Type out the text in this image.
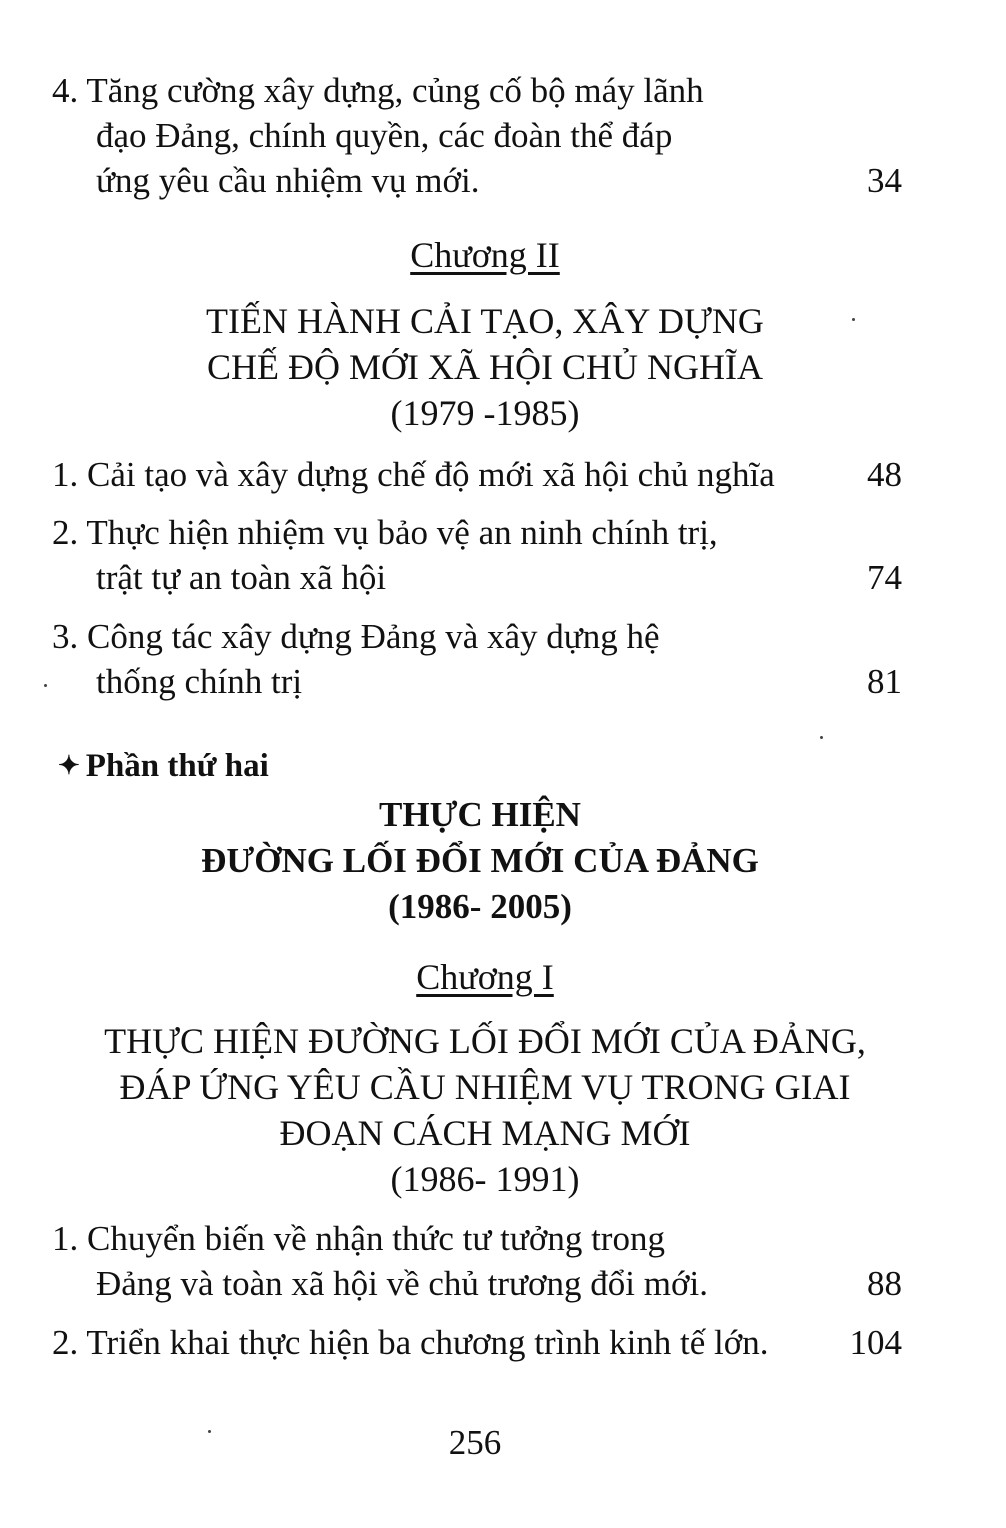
4. Tăng cường xây dựng, củng cố bộ máy lãnh
đạo Đảng, chính quyền, các đoàn thể đáp
ứng yêu cầu nhiệm vụ mới.	34
Chương II
TIẾN HÀNH CẢI TẠO, XÂY DỰNG
CHẾ ĐỘ MỚI XÃ HỘI CHỦ NGHĨA
(1979 -1985)
1. Cải tạo và xây dựng chế độ mới xã hội chủ nghĩa	48
2. Thực hiện nhiệm vụ bảo vệ an ninh chính trị,
trật tự an toàn xã hội	74
3. Công tác xây dựng Đảng và xây dựng hệ
thống chính trị	81
✦ Phần thứ hai
THỰC HIỆN
ĐƯỜNG LỐI ĐỔI MỚI CỦA ĐẢNG
(1986- 2005)
Chương I
THỰC HIỆN ĐƯỜNG LỐI ĐỔI MỚI CỦA ĐẢNG,
ĐÁP ỨNG YÊU CẦU NHIỆM VỤ TRONG GIAI
ĐOẠN CÁCH MẠNG MỚI
(1986- 1991)
1. Chuyển biến về nhận thức tư tưởng trong
Đảng và toàn xã hội về chủ trương đổi mới.	88
2. Triển khai thực hiện ba chương trình kinh tế lớn.	104
256
